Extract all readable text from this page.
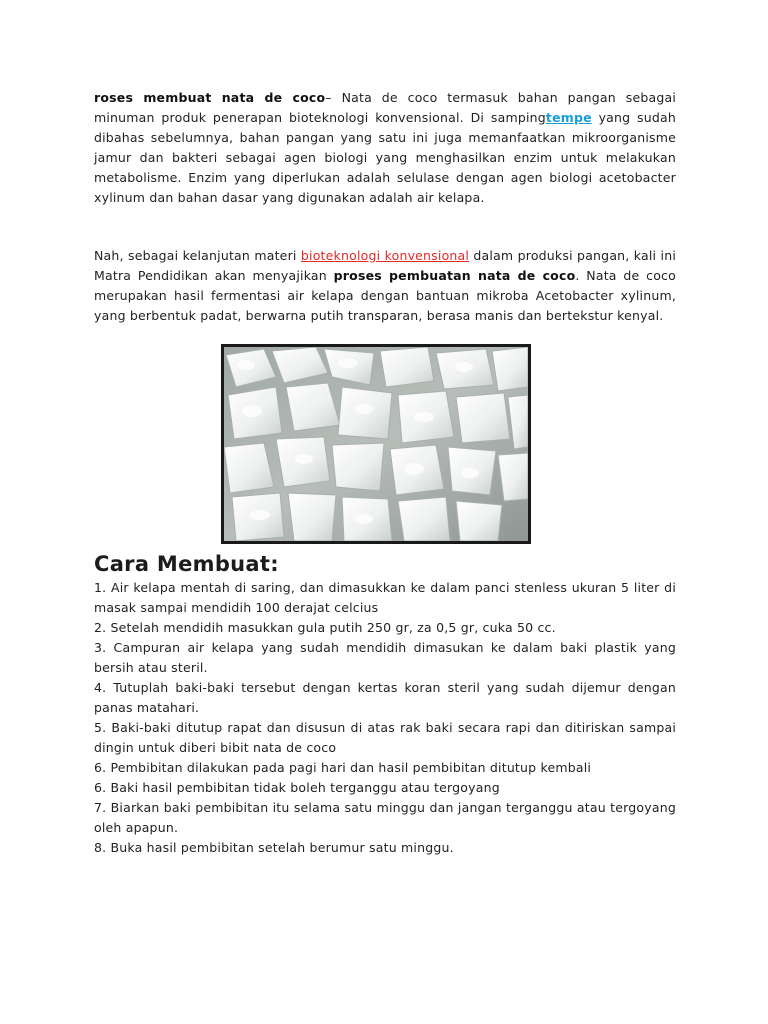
roses membuat nata de coco– Nata de coco termasuk bahan pangan sebagai minuman produk penerapan bioteknologi konvensional. Di sampingtempe yang sudah dibahas sebelumnya, bahan pangan yang satu ini juga memanfaatkan mikroorganisme jamur dan bakteri sebagai agen biologi yang menghasilkan enzim untuk melakukan metabolisme. Enzim yang diperlukan adalah selulase dengan agen biologi acetobacter xylinum dan bahan dasar yang digunakan adalah air kelapa.

Nah, sebagai kelanjutan materi bioteknologi konvensional dalam produksi pangan, kali ini Matra Pendidikan akan menyajikan proses pembuatan nata de coco. Nata de coco merupakan hasil fermentasi air kelapa dengan bantuan mikroba Acetobacter xylinum, yang berbentuk padat, berwarna putih transparan, berasa manis dan bertekstur kenyal.

Cara Membuat:
1. Air kelapa mentah di saring, dan dimasukkan ke dalam panci stenless ukuran 5 liter di masak sampai mendidih 100 derajat celcius
2. Setelah mendidih masukkan gula putih 250 gr, za 0,5 gr, cuka 50 cc.
3. Campuran air kelapa yang sudah mendidih dimasukan ke dalam baki plastik yang bersih atau steril.
4. Tutuplah baki-baki tersebut dengan kertas koran steril yang sudah dijemur dengan panas matahari.
5. Baki-baki ditutup rapat dan disusun di atas rak baki secara rapi dan ditiriskan sampai dingin untuk diberi bibit nata de coco
6. Pembibitan dilakukan pada pagi hari dan hasil pembibitan ditutup kembali
6. Baki hasil pembibitan tidak boleh terganggu atau tergoyang
7. Biarkan baki pembibitan itu selama satu minggu dan jangan terganggu atau tergoyang oleh apapun.
8. Buka hasil pembibitan setelah berumur satu minggu.
